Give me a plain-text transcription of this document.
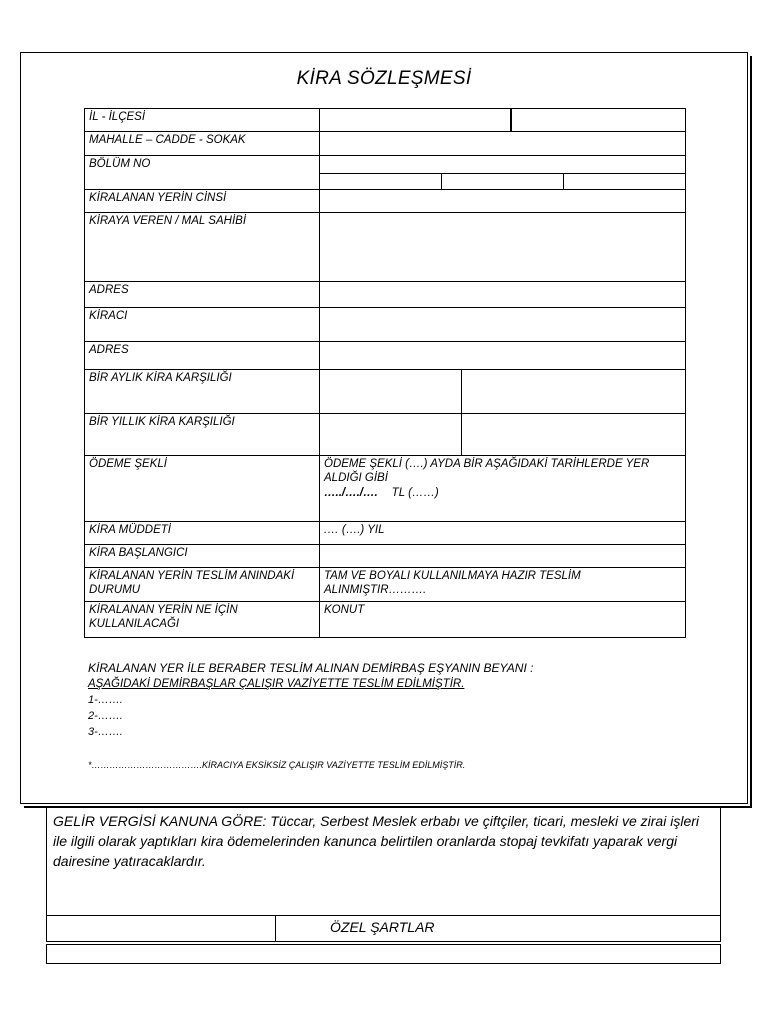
KİRA SÖZLEŞMESİ
İL - İLÇESİ	

MAHALLE – CADDE - SOKAK	
BÖLÜM NO	

KİRALANAN YERİN CİNSİ	
KİRAYA VEREN / MAL SAHİBİ	
ADRES	
KİRACI	
ADRES	
BİR AYLIK KİRA KARŞILIĞI	

BİR YILLIK KİRA KARŞILIĞI	

ÖDEME ŞEKLİ	ÖDEME ŞEKLİ (….) AYDA BİR AŞAĞIDAKİ TARİHLERDE YER ALDIĞI GİBİ
…../…./…. TL (……)

KİRA MÜDDETİ	.… (….) YIL
KİRA BAŞLANGICI	
KİRALANAN YERİN TESLİM ANINDAKİ DURUMU	TAM VE BOYALI KULLANILMAYA HAZIR TESLİM ALINMIŞTIR……….
KİRALANAN YERİN NE İÇİN KULLANILACAĞI	KONUT
KİRALANAN YER İLE BERABER TESLİM ALINAN DEMİRBAŞ EŞYANIN BEYANI :
AŞAĞIDAKİ DEMİRBAŞLAR ÇALIŞIR VAZİYETTE TESLİM EDİLMİŞTİR.
1-…….
2-…….
3-…….
*……………………………….KİRACIYA EKSİKSİZ ÇALIŞIR VAZİYETTE TESLİM EDİLMİŞTİR.
GELİR VERGİSİ KANUNA GÖRE: Tüccar, Serbest Meslek erbabı ve çiftçiler, ticari, mesleki ve zirai işleri ile ilgili olarak yaptıkları kira ödemelerinden kanunca belirtilen oranlarda stopaj tevkifatı yaparak vergi dairesine yatıracaklardır.
ÖZEL ŞARTLAR
